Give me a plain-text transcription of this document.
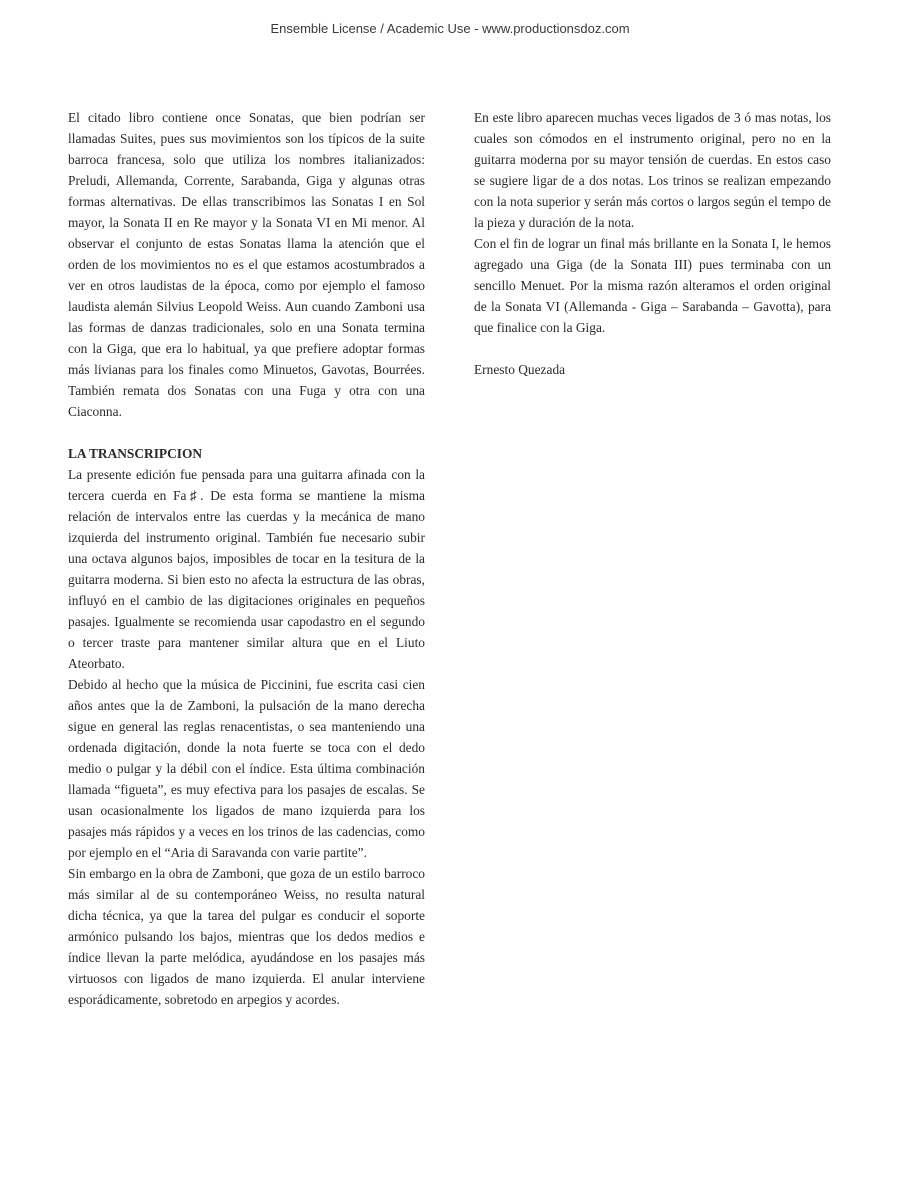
Ensemble License / Academic Use - www.productionsdoz.com

El citado libro contiene once Sonatas, que bien podrían ser llamadas Suites, pues sus movimientos son los típicos de la suite barroca francesa, solo que utiliza los nombres italianizados: Preludi, Allemanda, Corrente, Sarabanda, Giga y algunas otras formas alternativas. De ellas transcribimos las Sonatas I en Sol mayor, la Sonata II en Re mayor y la Sonata VI en Mi menor. Al observar el conjunto de estas Sonatas llama la atención que el orden de los movimientos no es el que estamos acostumbrados a ver en otros laudistas de la época, como por ejemplo el famoso laudista alemán Silvius Leopold Weiss. Aun cuando Zamboni usa las formas de danzas tradicionales, solo en una Sonata termina con la Giga, que era lo habitual, ya que prefiere adoptar formas más livianas para los finales como Minuetos, Gavotas, Bourrées. También remata dos Sonatas con una Fuga y otra con una Ciaconna.

LA TRANSCRIPCION

La presente edición fue pensada para una guitarra afinada con la tercera cuerda en Fa♯. De esta forma se mantiene la misma relación de intervalos entre las cuerdas y la mecánica de mano izquierda del instrumento original. También fue necesario subir una octava algunos bajos, imposibles de tocar en la tesitura de la guitarra moderna. Si bien esto no afecta la estructura de las obras, influyó en el cambio de las digitaciones originales en pequeños pasajes. Igualmente se recomienda usar capodastro en el segundo o tercer traste para mantener similar altura que en el Liuto Ateorbato.

Debido al hecho que la música de Piccinini, fue escrita casi cien años antes que la de Zamboni, la pulsación de la mano derecha sigue en general las reglas renacentistas, o sea manteniendo una ordenada digitación, donde la nota fuerte se toca con el dedo medio o pulgar y la débil con el índice. Esta última combinación llamada “figueta”, es muy efectiva para los pasajes de escalas. Se usan ocasionalmente los ligados de mano izquierda para los pasajes más rápidos y a veces en los trinos de las cadencias, como por ejemplo en el “Aria di Saravanda con varie partite”.

Sin embargo en la obra de Zamboni, que goza de un estilo barroco más similar al de su contemporáneo Weiss, no resulta natural dicha técnica, ya que la tarea del pulgar es conducir el soporte armónico pulsando los bajos, mientras que los dedos medios e índice llevan la parte melódica, ayudándose en los pasajes más virtuosos con ligados de mano izquierda. El anular interviene esporádicamente, sobretodo en arpegios y acordes.

En este libro aparecen muchas veces ligados de 3 ó mas notas, los cuales son cómodos en el instrumento original, pero no en la guitarra moderna por su mayor tensión de cuerdas. En estos caso se sugiere ligar de a dos notas. Los trinos se realizan empezando con la nota superior y serán más cortos o largos según el tempo de la pieza y duración de la nota.

Con el fin de lograr un final más brillante en la Sonata I, le hemos agregado una Giga (de la Sonata III) pues terminaba con un sencillo Menuet. Por la misma razón alteramos el orden original de la Sonata VI (Allemanda - Giga – Sarabanda – Gavotta), para que finalice con la Giga.

Ernesto Quezada
